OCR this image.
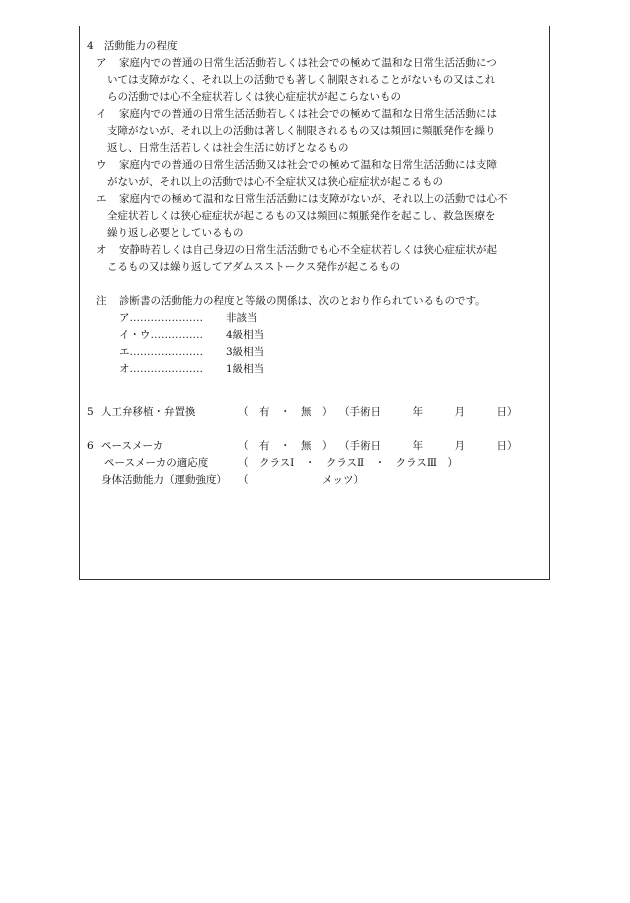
4 活動能力の程度
ア 家庭内での普通の日常生活活動若しくは社会での極めて温和な日常生活活動につ
いては支障がなく、それ以上の活動でも著しく制限されることがないもの又はこれ
らの活動では心不全症状若しくは狭心症症状が起こらないもの
イ 家庭内での普通の日常生活活動若しくは社会での極めて温和な日常生活活動には
支障がないが、それ以上の活動は著しく制限されるもの又は頻回に頻脈発作を繰り
返し、日常生活若しくは社会生活に妨げとなるもの
ウ 家庭内での普通の日常生活活動又は社会での極めて温和な日常生活活動には支障
がないが、それ以上の活動では心不全症状又は狭心症症状が起こるもの
エ 家庭内での極めて温和な日常生活活動には支障がないが、それ以上の活動では心不
全症状若しくは狭心症症状が起こるもの又は頻回に頻脈発作を起こし、救急医療を
繰り返し必要としているもの
オ 安静時若しくは自己身辺の日常生活活動でも心不全症状若しくは狭心症症状が起
こるもの又は繰り返してアダムスストークス発作が起こるもの
注 診断書の活動能力の程度と等級の関係は、次のとおり作られているものです。
ア………………… 非該当
イ・ウ…………… 4級相当
エ………………… 3級相当
オ………………… 1級相当
5 人工弁移植・弁置換	（　有　・　無　） （手術日　　　年　　　月　　　日）
6 ペースメーカ	（　有　・　無　） （手術日　　　年　　　月　　　日）
ペースメーカの適応度	（　クラスⅠ　・　クラスⅡ　・　クラスⅢ　）
身体活動能力（運動強度） （　　　　　　　メッツ）
